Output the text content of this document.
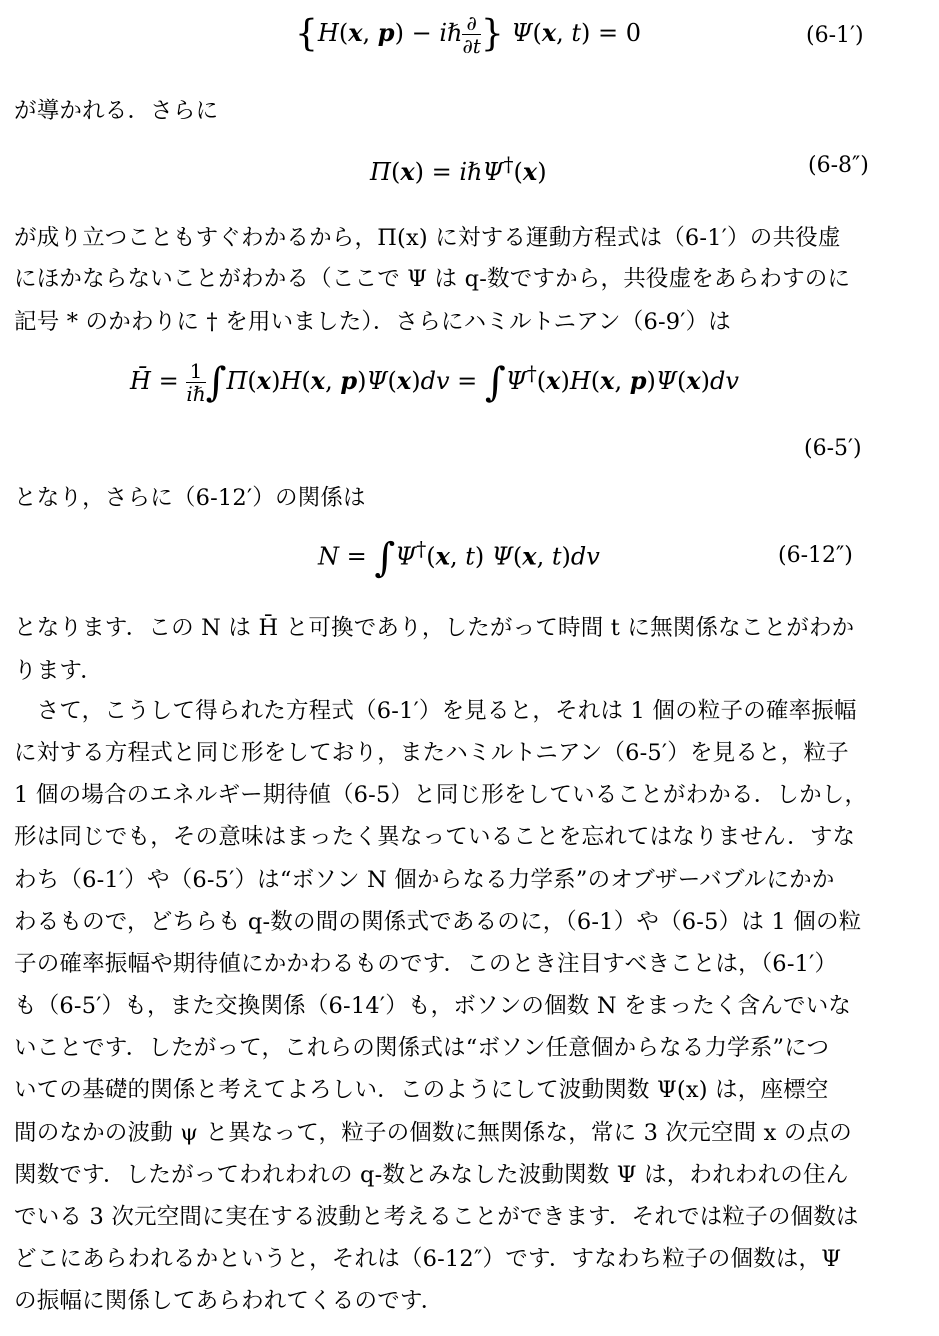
{H(x, p) − iℏ $\frac{\partial}{\partial t}$ } Ψ(x, t) = 0	(6-1′)
が導かれる．さらに
Π(x) = iℏΨ†(x)	(6-8″)
が成り立つこともすぐわかるから，Π(x) に対する運動方程式は（6-1′）の共役虚
にほかならないことがわかる（ここで Ψ は q-数ですから，共役虚をあらわすのに
記号 * のかわりに † を用いました）．さらにハミルトニアン（6-9′）は
H̄ = $\frac{1}{\text{iℏ}} \int\Pi(x)H(x$, p)Ψ(x)dv = ∫Ψ†(x)H(x, p)Ψ(x)dv
(6-5′)
となり，さらに（6-12′）の関係は
N = ∫Ψ†(x, t) Ψ(x, t)dv	(6-12″)
となります．この N は H̄ と可換であり，したがって時間 t に無関係なことがわか
ります．
　さて，こうして得られた方程式（6-1′）を見ると，それは 1 個の粒子の確率振幅
に対する方程式と同じ形をしており，またハミルトニアン（6-5′）を見ると，粒子
1 個の場合のエネルギー期待値（6-5）と同じ形をしていることがわかる．しかし，
形は同じでも，その意味はまったく異なっていることを忘れてはなりません．すな
わち（6-1′）や（6-5′）は“ボソン N 個からなる力学系”のオブザーバブルにかか
わるもので，どちらも q-数の間の関係式であるのに，（6-1）や（6-5）は 1 個の粒
子の確率振幅や期待値にかかわるものです．このとき注目すべきことは，（6-1′）
も（6-5′）も，また交換関係（6-14′）も，ボソンの個数 N をまったく含んでいな
いことです．したがって，これらの関係式は“ボソン任意個からなる力学系”につ
いての基礎的関係と考えてよろしい．このようにして波動関数 Ψ(x) は，座標空
間のなかの波動 ψ と異なって，粒子の個数に無関係な，常に 3 次元空間 x の点の
関数です．したがってわれわれの q-数とみなした波動関数 Ψ は，われわれの住ん
でいる 3 次元空間に実在する波動と考えることができます．それでは粒子の個数は
どこにあらわれるかというと，それは（6-12″）です．すなわち粒子の個数は，Ψ
の振幅に関係してあらわれてくるのです．
